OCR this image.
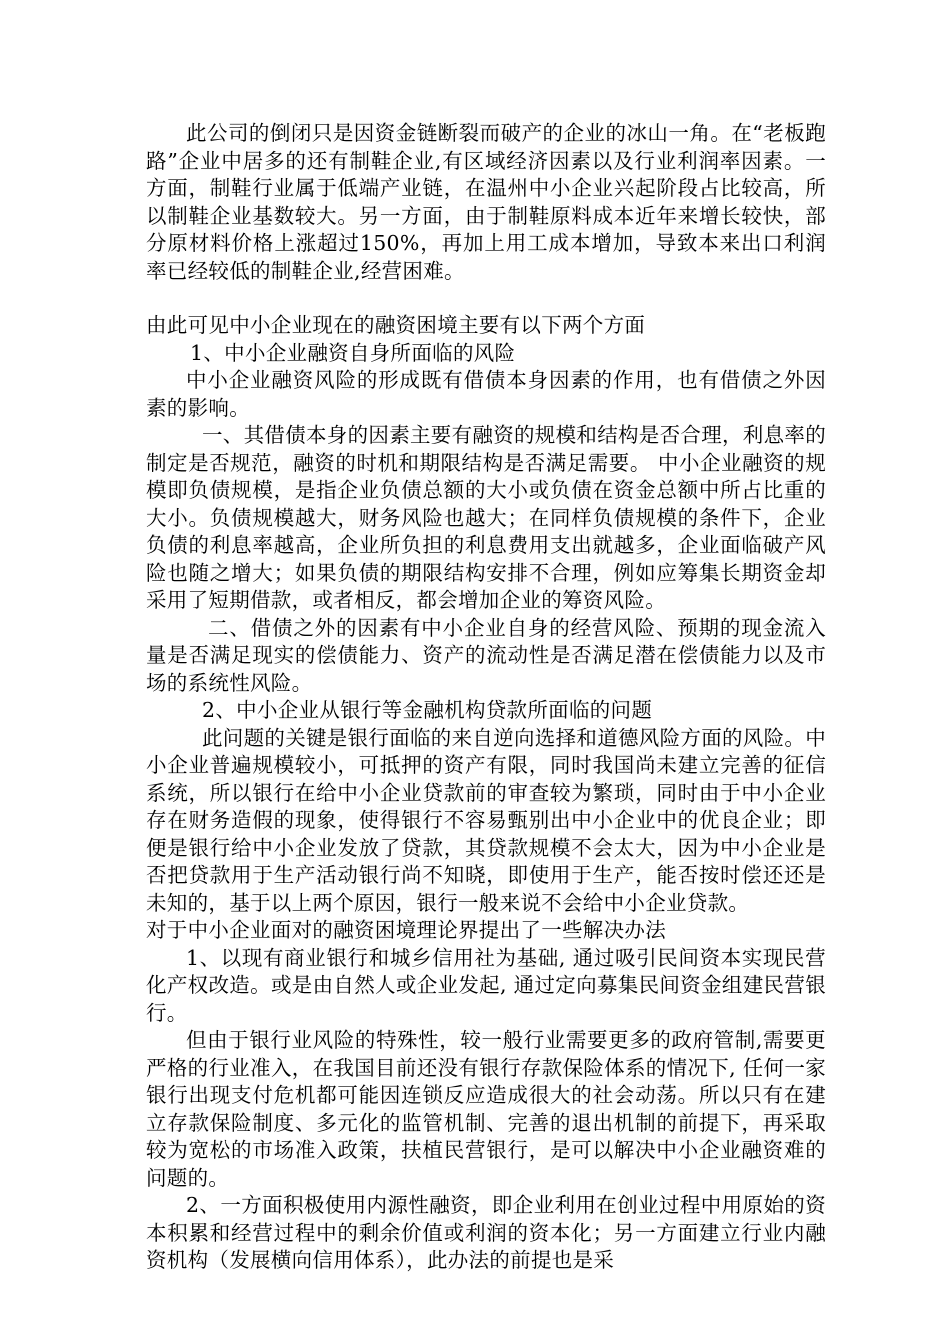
此公司的倒闭只是因资金链断裂而破产的企业的冰山一角。在“老板跑路”企业中居多的还有制鞋企业,有区域经济因素以及行业利润率因素。一方面，制鞋行业属于低端产业链，在温州中小企业兴起阶段占比较高，所以制鞋企业基数较大。另一方面，由于制鞋原料成本近年来增长较快，部分原材料价格上涨超过150%，再加上用工成本增加，导致本来出口利润率已经较低的制鞋企业,经营困难。

由此可见中小企业现在的融资困境主要有以下两个方面

1、中小企业融资自身所面临的风险

中小企业融资风险的形成既有借债本身因素的作用，也有借债之外因素的影响。

一、其借债本身的因素主要有融资的规模和结构是否合理，利息率的制定是否规范，融资的时机和期限结构是否满足需要。 中小企业融资的规模即负债规模，是指企业负债总额的大小或负债在资金总额中所占比重的大小。负债规模越大，财务风险也越大；在同样负债规模的条件下，企业负债的利息率越高，企业所负担的利息费用支出就越多，企业面临破产风险也随之增大；如果负债的期限结构安排不合理，例如应筹集长期资金却采用了短期借款，或者相反，都会增加企业的筹资风险。

二、借债之外的因素有中小企业自身的经营风险、预期的现金流入量是否满足现实的偿债能力、资产的流动性是否满足潜在偿债能力以及市场的系统性风险。

2、中小企业从银行等金融机构贷款所面临的问题

此问题的关键是银行面临的来自逆向选择和道德风险方面的风险。中小企业普遍规模较小，可抵押的资产有限，同时我国尚未建立完善的征信系统，所以银行在给中小企业贷款前的审查较为繁琐，同时由于中小企业存在财务造假的现象，使得银行不容易甄别出中小企业中的优良企业；即便是银行给中小企业发放了贷款，其贷款规模不会太大，因为中小企业是否把贷款用于生产活动银行尚不知晓，即使用于生产，能否按时偿还还是未知的，基于以上两个原因，银行一般来说不会给中小企业贷款。

对于中小企业面对的融资困境理论界提出了一些解决办法

1、以现有商业银行和城乡信用社为基础, 通过吸引民间资本实现民营化产权改造。或是由自然人或企业发起, 通过定向募集民间资金组建民营银行。

但由于银行业风险的特殊性，较一般行业需要更多的政府管制,需要更严格的行业准入，在我国目前还没有银行存款保险体系的情况下, 任何一家银行出现支付危机都可能因连锁反应造成很大的社会动荡。所以只有在建立存款保险制度、多元化的监管机制、完善的退出机制的前提下，再采取较为宽松的市场准入政策，扶植民营银行，是可以解决中小企业融资难的问题的。

2、一方面积极使用内源性融资，即企业利用在创业过程中用原始的资本积累和经营过程中的剩余价值或利润的资本化；另一方面建立行业内融资机构（发展横向信用体系），此办法的前提也是采
